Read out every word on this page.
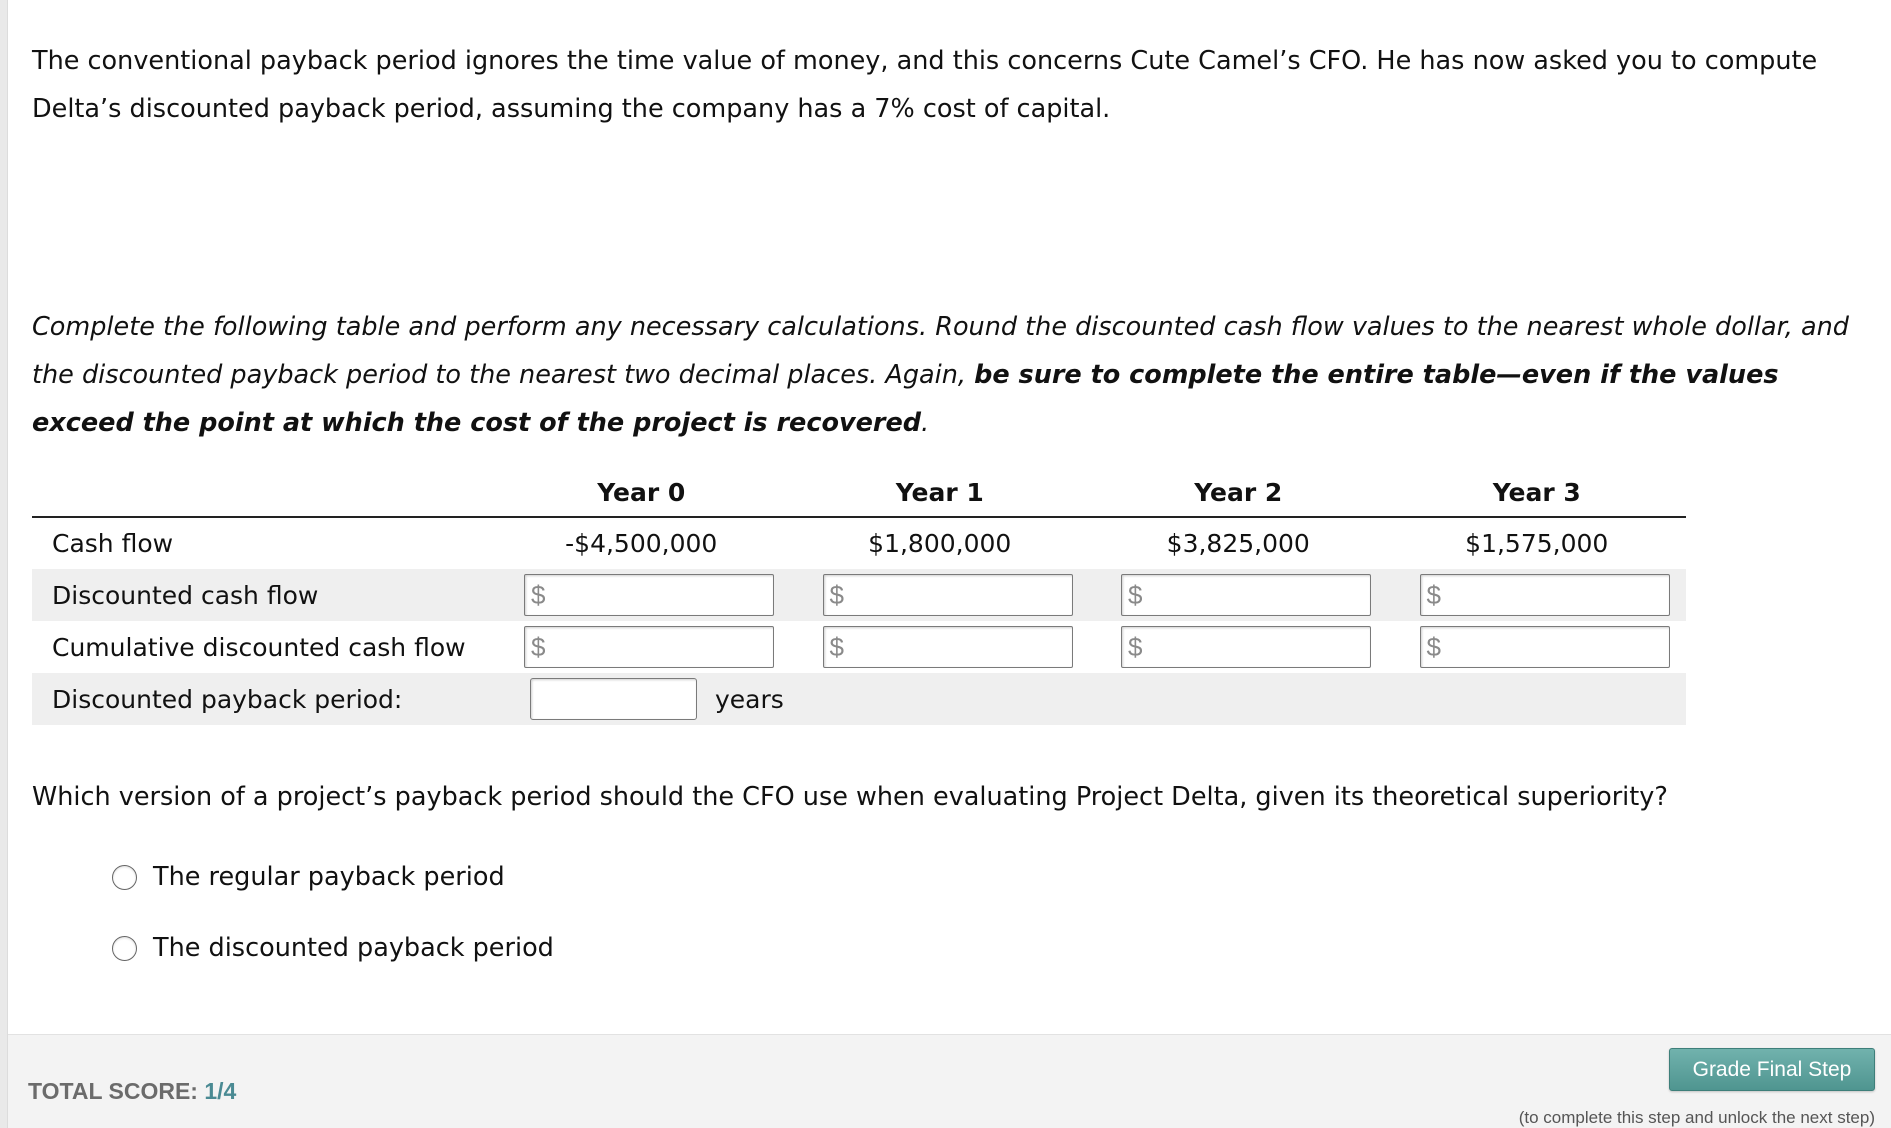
The conventional payback period ignores the time value of money, and this concerns Cute Camel’s CFO. He has now asked you to compute Delta’s discounted payback period, assuming the company has a 7% cost of capital.

Complete the following table and perform any necessary calculations. Round the discounted cash flow values to the nearest whole dollar, and the discounted payback period to the nearest two decimal places. Again, be sure to complete the entire table—even if the values exceed the point at which the cost of the project is recovered.

	Year 0	Year 1	Year 2	Year 3
Cash flow	-$4,500,000	$1,800,000	$3,825,000	$1,575,000
Discounted cash flow	$	$	$	$

Cumulative discounted cash flow	$	$	$	$

Discounted payback period:	years			

Which version of a project’s payback period should the CFO use when evaluating Project Delta, given its theoretical superiority?

The regular payback period
The discounted payback period
TOTAL SCORE: 1/4
Grade Final Step
(to complete this step and unlock the next step)
